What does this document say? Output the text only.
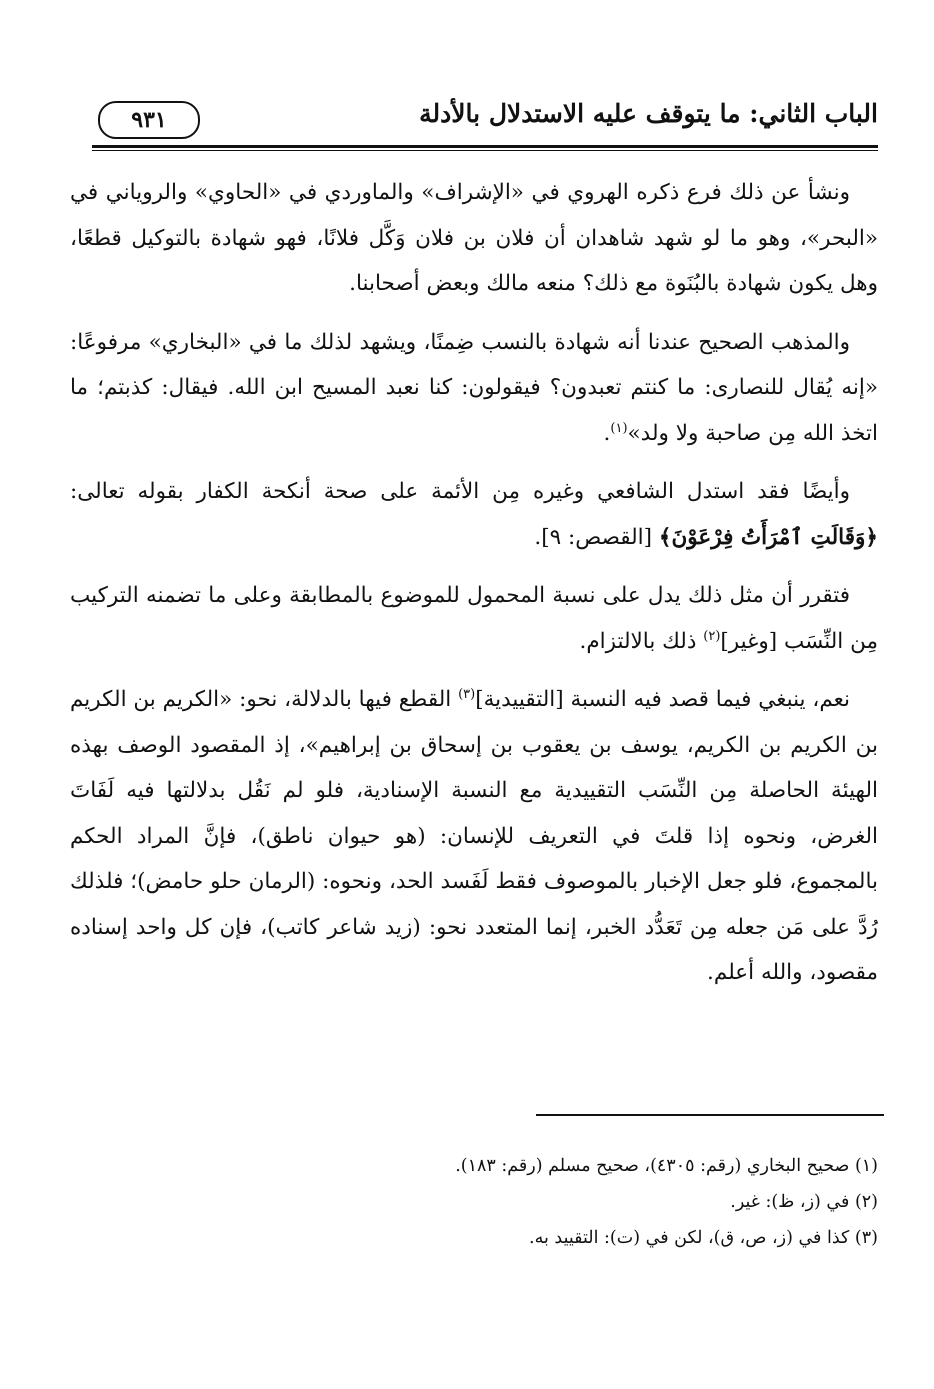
الباب الثاني: ما يتوقف عليه الاستدلال بالأدلة
٩٣١

ونشأ عن ذلك فرع ذكره الهروي في «الإشراف» والماوردي في «الحاوي» والروياني في «البحر»، وهو ما لو شهد شاهدان أن فلان بن فلان وَكَّل فلانًا، فهو شهادة بالتوكيل قطعًا، وهل يكون شهادة بالبُنَوة مع ذلك؟ منعه مالك وبعض أصحابنا.

والمذهب الصحيح عندنا أنه شهادة بالنسب ضِمنًا، ويشهد لذلك ما في «البخاري» مرفوعًا: «إنه يُقال للنصارى: ما كنتم تعبدون؟ فيقولون: كنا نعبد المسيح ابن الله. فيقال: كذبتم؛ ما اتخذ الله مِن صاحبة ولا ولد»$^{(١)}$.

وأيضًا فقد استدل الشافعي وغيره مِن الأئمة على صحة أنكحة الكفار بقوله تعالى: ﴿وَقَالَتِ ٱمْرَأَتُ فِرْعَوْنَ﴾ [القصص: ٩].

فتقرر أن مثل ذلك يدل على نسبة المحمول للموضوع بالمطابقة وعلى ما تضمنه التركيب مِن النِّسَب [وغير]$^{(٢)}$ ذلك بالالتزام.

نعم، ينبغي فيما قصد فيه النسبة [التقييدية]$^{(٣)}$ القطع فيها بالدلالة، نحو: «الكريم بن الكريم بن الكريم بن الكريم، يوسف بن يعقوب بن إسحاق بن إبراهيم»، إذ المقصود الوصف بهذه الهيئة الحاصلة مِن النِّسَب التقييدية مع النسبة الإسنادية، فلو لم نَقُل بدلالتها فيه لَفَاتَ الغرض، ونحوه إذا قلتَ في التعريف للإنسان: (هو حيوان ناطق)، فإنَّ المراد الحكم بالمجموع، فلو جعل الإخبار بالموصوف فقط لَفَسد الحد، ونحوه: (الرمان حلو حامض)؛ فلذلك رُدَّ على مَن جعله مِن تَعَدُّد الخبر، إنما المتعدد نحو: (زيد شاعر كاتب)، فإن كل واحد إسناده مقصود، والله أعلم.

(١) صحيح البخاري (رقم: ٤٣٠٥)، صحيح مسلم (رقم: ١٨٣).

(٢) في (ز، ظ): غير.

(٣) كذا في (ز، ص، ق)، لكن في (ت): التقييد به.
